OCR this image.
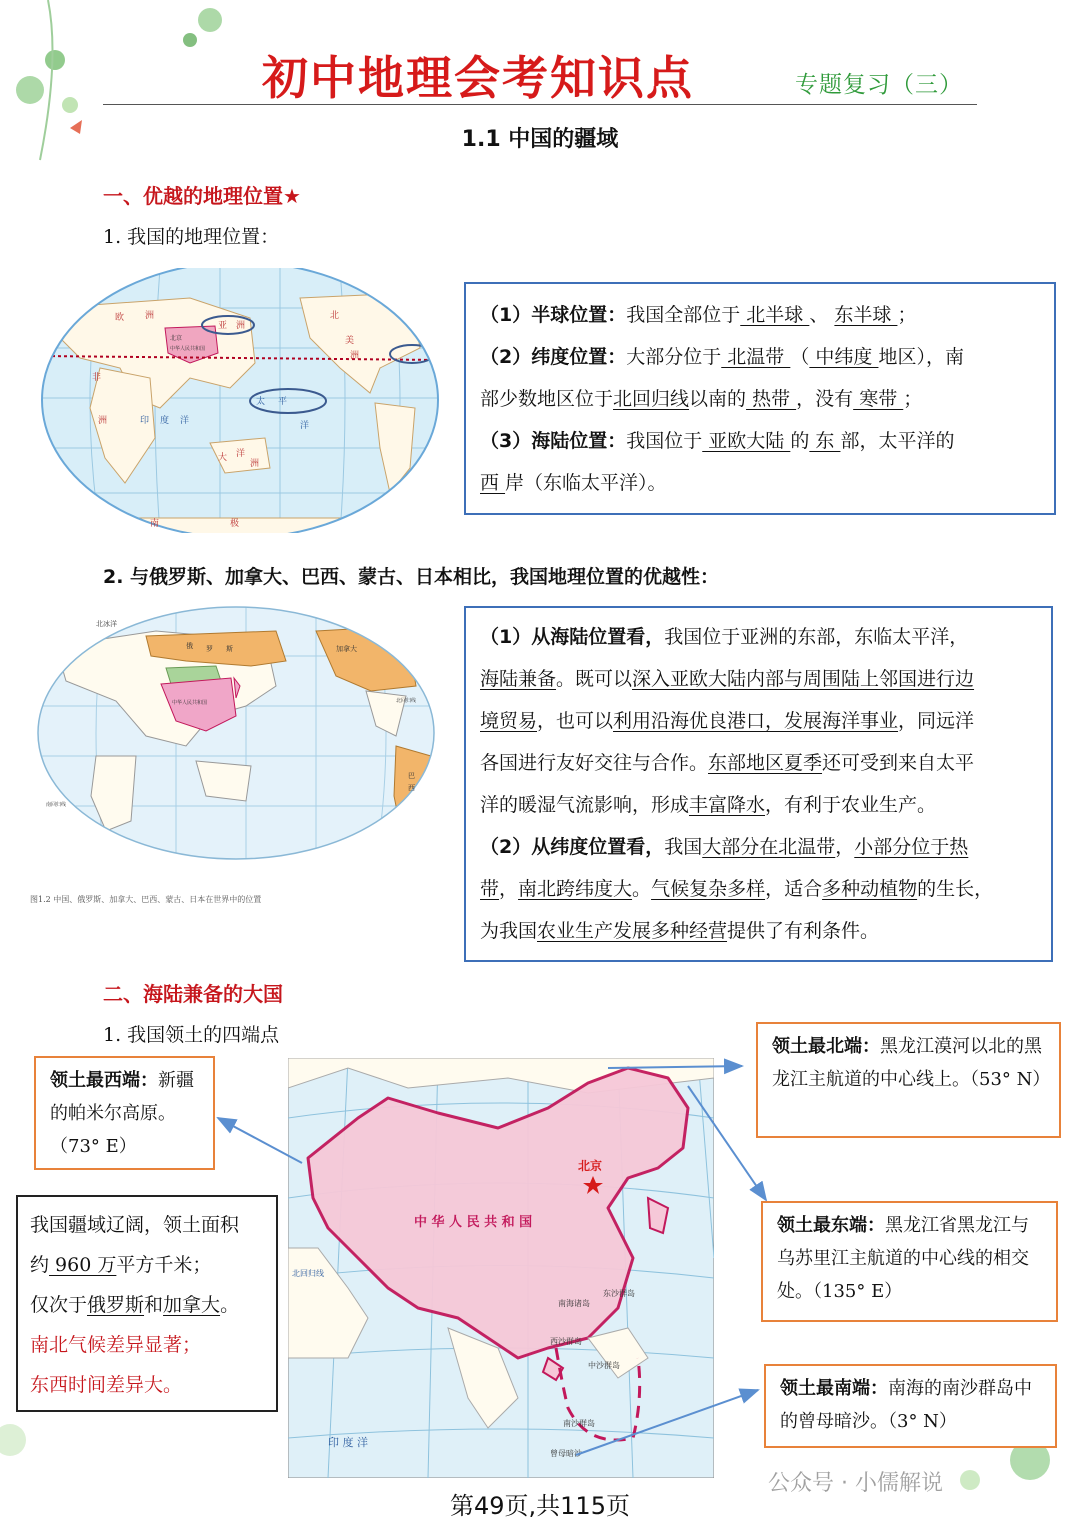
初中地理会考知识点	专题复习（三）
1.1 中国的疆域
一、优越的地理位置★
1. 我国的地理位置：
亚 洲
北
美
洲
欧 洲
非
洲
太 平
洋
大 洋
洲
印 度 洋
南	极
北京
中华人民共和国

（1）半球位置：我国全部位于 北半球 、 东半球 ；

（2）纬度位置：大部分位于 北温带 （ 中纬度 地区），南

部少数地区位于北回归线以南的 热带 ，没有 寒带 ；

（3）海陆位置：我国位于 亚欧大陆 的 东 部，太平洋的

西 岸（东临太平洋）。

2. 与俄罗斯、加拿大、巴西、蒙古、日本相比，我国地理位置的优越性：
俄 罗 斯	加拿大
中华人民共和国
巴
西
北冰洋
北回归线
南回归线
图1.2 中国、俄罗斯、加拿大、巴西、蒙古、日本在世界中的位置

（1）从海陆位置看，我国位于亚洲的东部，东临太平洋，

海陆兼备。既可以深入亚欧大陆内部与周围陆上邻国进行边

境贸易，也可以利用沿海优良港口，发展海洋事业，同远洋

各国进行友好交往与合作。东部地区夏季还可受到来自太平

洋的暖湿气流影响，形成丰富降水，有利于农业生产。

（2）从纬度位置看，我国大部分在北温带，小部分位于热

带，南北跨纬度大。气候复杂多样，适合多种动植物的生长，

为我国农业生产发展多种经营提供了有利条件。

二、海陆兼备的大国
1. 我国领土的四端点
北京
中 华 人 民 共 和 国
南海诸岛
东沙群岛
西沙群岛
中沙群岛
南沙群岛
曾母暗沙
印 度 洋
北回归线
领土最西端：新疆的帕米尔高原。（73° E）
领土最北端：黑龙江漠河以北的黑龙江主航道的中心线上。（53° N）
领土最东端：黑龙江省黑龙江与乌苏里江主航道的中心线的相交处。（135° E）
领土最南端：南海的南沙群岛中的曾母暗沙。（3° N）
我国疆域辽阔，领土面积
约 960 万平方千米；
仅次于俄罗斯和加拿大。
南北气候差异显著；
东西时间差异大。
公众号 · 小儒解说
第49页,共115页
